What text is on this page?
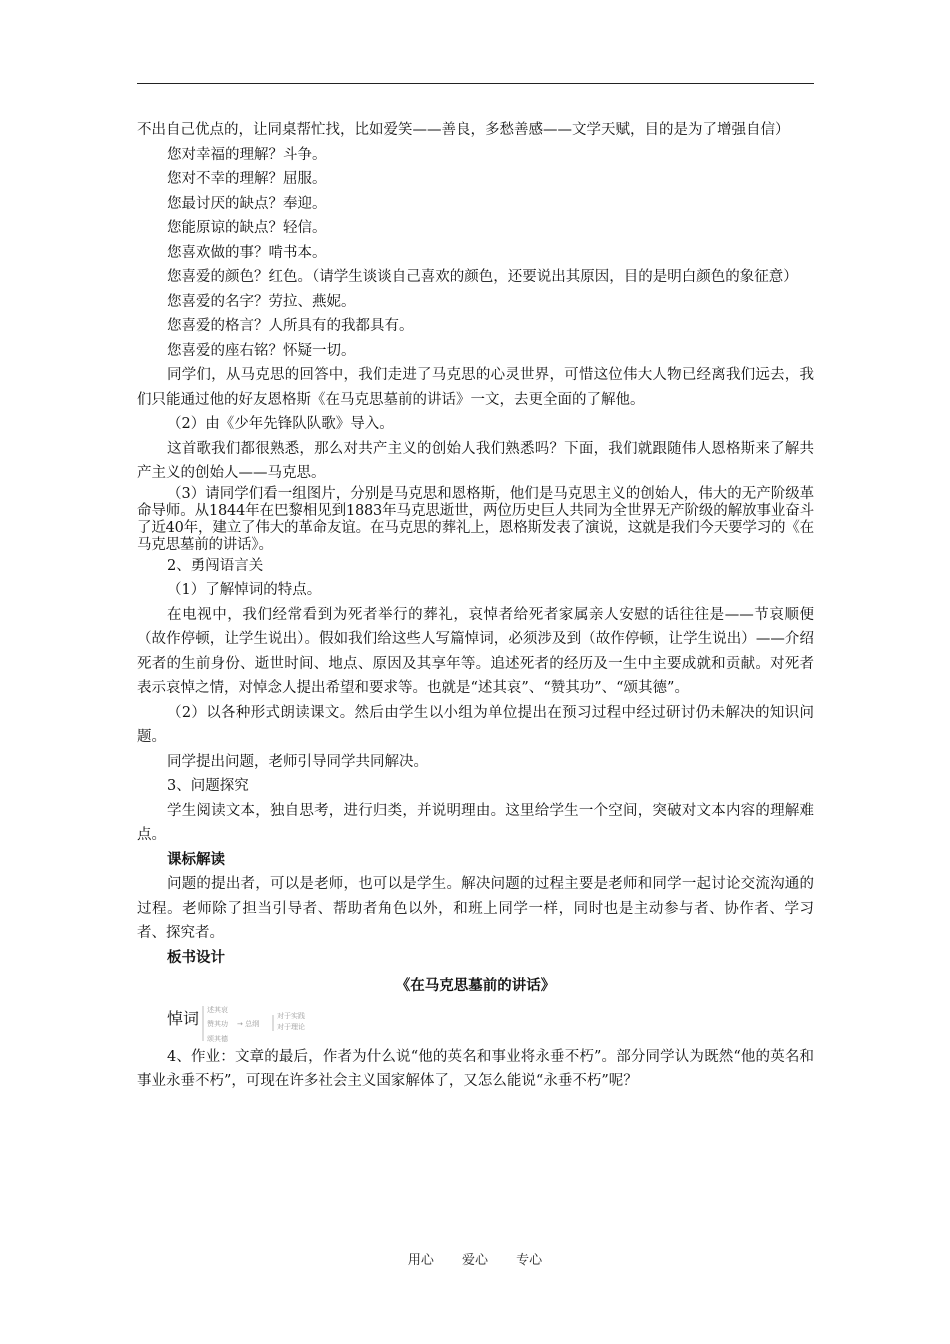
不出自己优点的，让同桌帮忙找，比如爱笑——善良，多愁善感——文学天赋，目的是为了增强自信）

您对幸福的理解？斗争。

您对不幸的理解？屈服。

您最讨厌的缺点？奉迎。

您能原谅的缺点？轻信。

您喜欢做的事？啃书本。

您喜爱的颜色？红色。（请学生谈谈自己喜欢的颜色，还要说出其原因，目的是明白颜色的象征意）

您喜爱的名字？劳拉、燕妮。

您喜爱的格言？人所具有的我都具有。

您喜爱的座右铭？怀疑一切。

同学们，从马克思的回答中，我们走进了马克思的心灵世界，可惜这位伟大人物已经离我们远去，我们只能通过他的好友恩格斯《在马克思墓前的讲话》一文，去更全面的了解他。

（2）由《少年先锋队队歌》导入。

这首歌我们都很熟悉，那么对共产主义的创始人我们熟悉吗？下面，我们就跟随伟人恩格斯来了解共产主义的创始人——马克思。

（3）请同学们看一组图片，分别是马克思和恩格斯，他们是马克思主义的创始人，伟大的无产阶级革命导师。从1844年在巴黎相见到1883年马克思逝世，两位历史巨人共同为全世界无产阶级的解放事业奋斗了近40年，建立了伟大的革命友谊。在马克思的葬礼上，恩格斯发表了演说，这就是我们今天要学习的《在马克思墓前的讲话》。

2、勇闯语言关

（1）了解悼词的特点。

在电视中，我们经常看到为死者举行的葬礼，哀悼者给死者家属亲人安慰的话往往是——节哀顺便（故作停顿，让学生说出）。假如我们给这些人写篇悼词，必须涉及到（故作停顿，让学生说出）——介绍死者的生前身份、逝世时间、地点、原因及其享年等。追述死者的经历及一生中主要成就和贡献。对死者表示哀悼之情，对悼念人提出希望和要求等。也就是“述其哀”、“赞其功”、“颂其德”。

（2）以各种形式朗读课文。然后由学生以小组为单位提出在预习过程中经过研讨仍未解决的知识问题。

同学提出问题，老师引导同学共同解决。

3、问题探究

学生阅读文本，独自思考，进行归类，并说明理由。这里给学生一个空间，突破对文本内容的理解难点。

课标解读

问题的提出者，可以是老师，也可以是学生。解决问题的过程主要是老师和同学一起讨论交流沟通的过程。老师除了担当引导者、帮助者角色以外，和班上同学一样，同时也是主动参与者、协作者、学习者、探究者。

板书设计

《在马克思墓前的讲话》

悼词 述其哀
赞其功 → 总纲
对于实践
对于理论
颂其德

4、作业：文章的最后，作者为什么说“他的英名和事业将永垂不朽”。部分同学认为既然“他的英名和事业永垂不朽”，可现在许多社会主义国家解体了，又怎么能说“永垂不朽”呢？

用心 爱心 专心
